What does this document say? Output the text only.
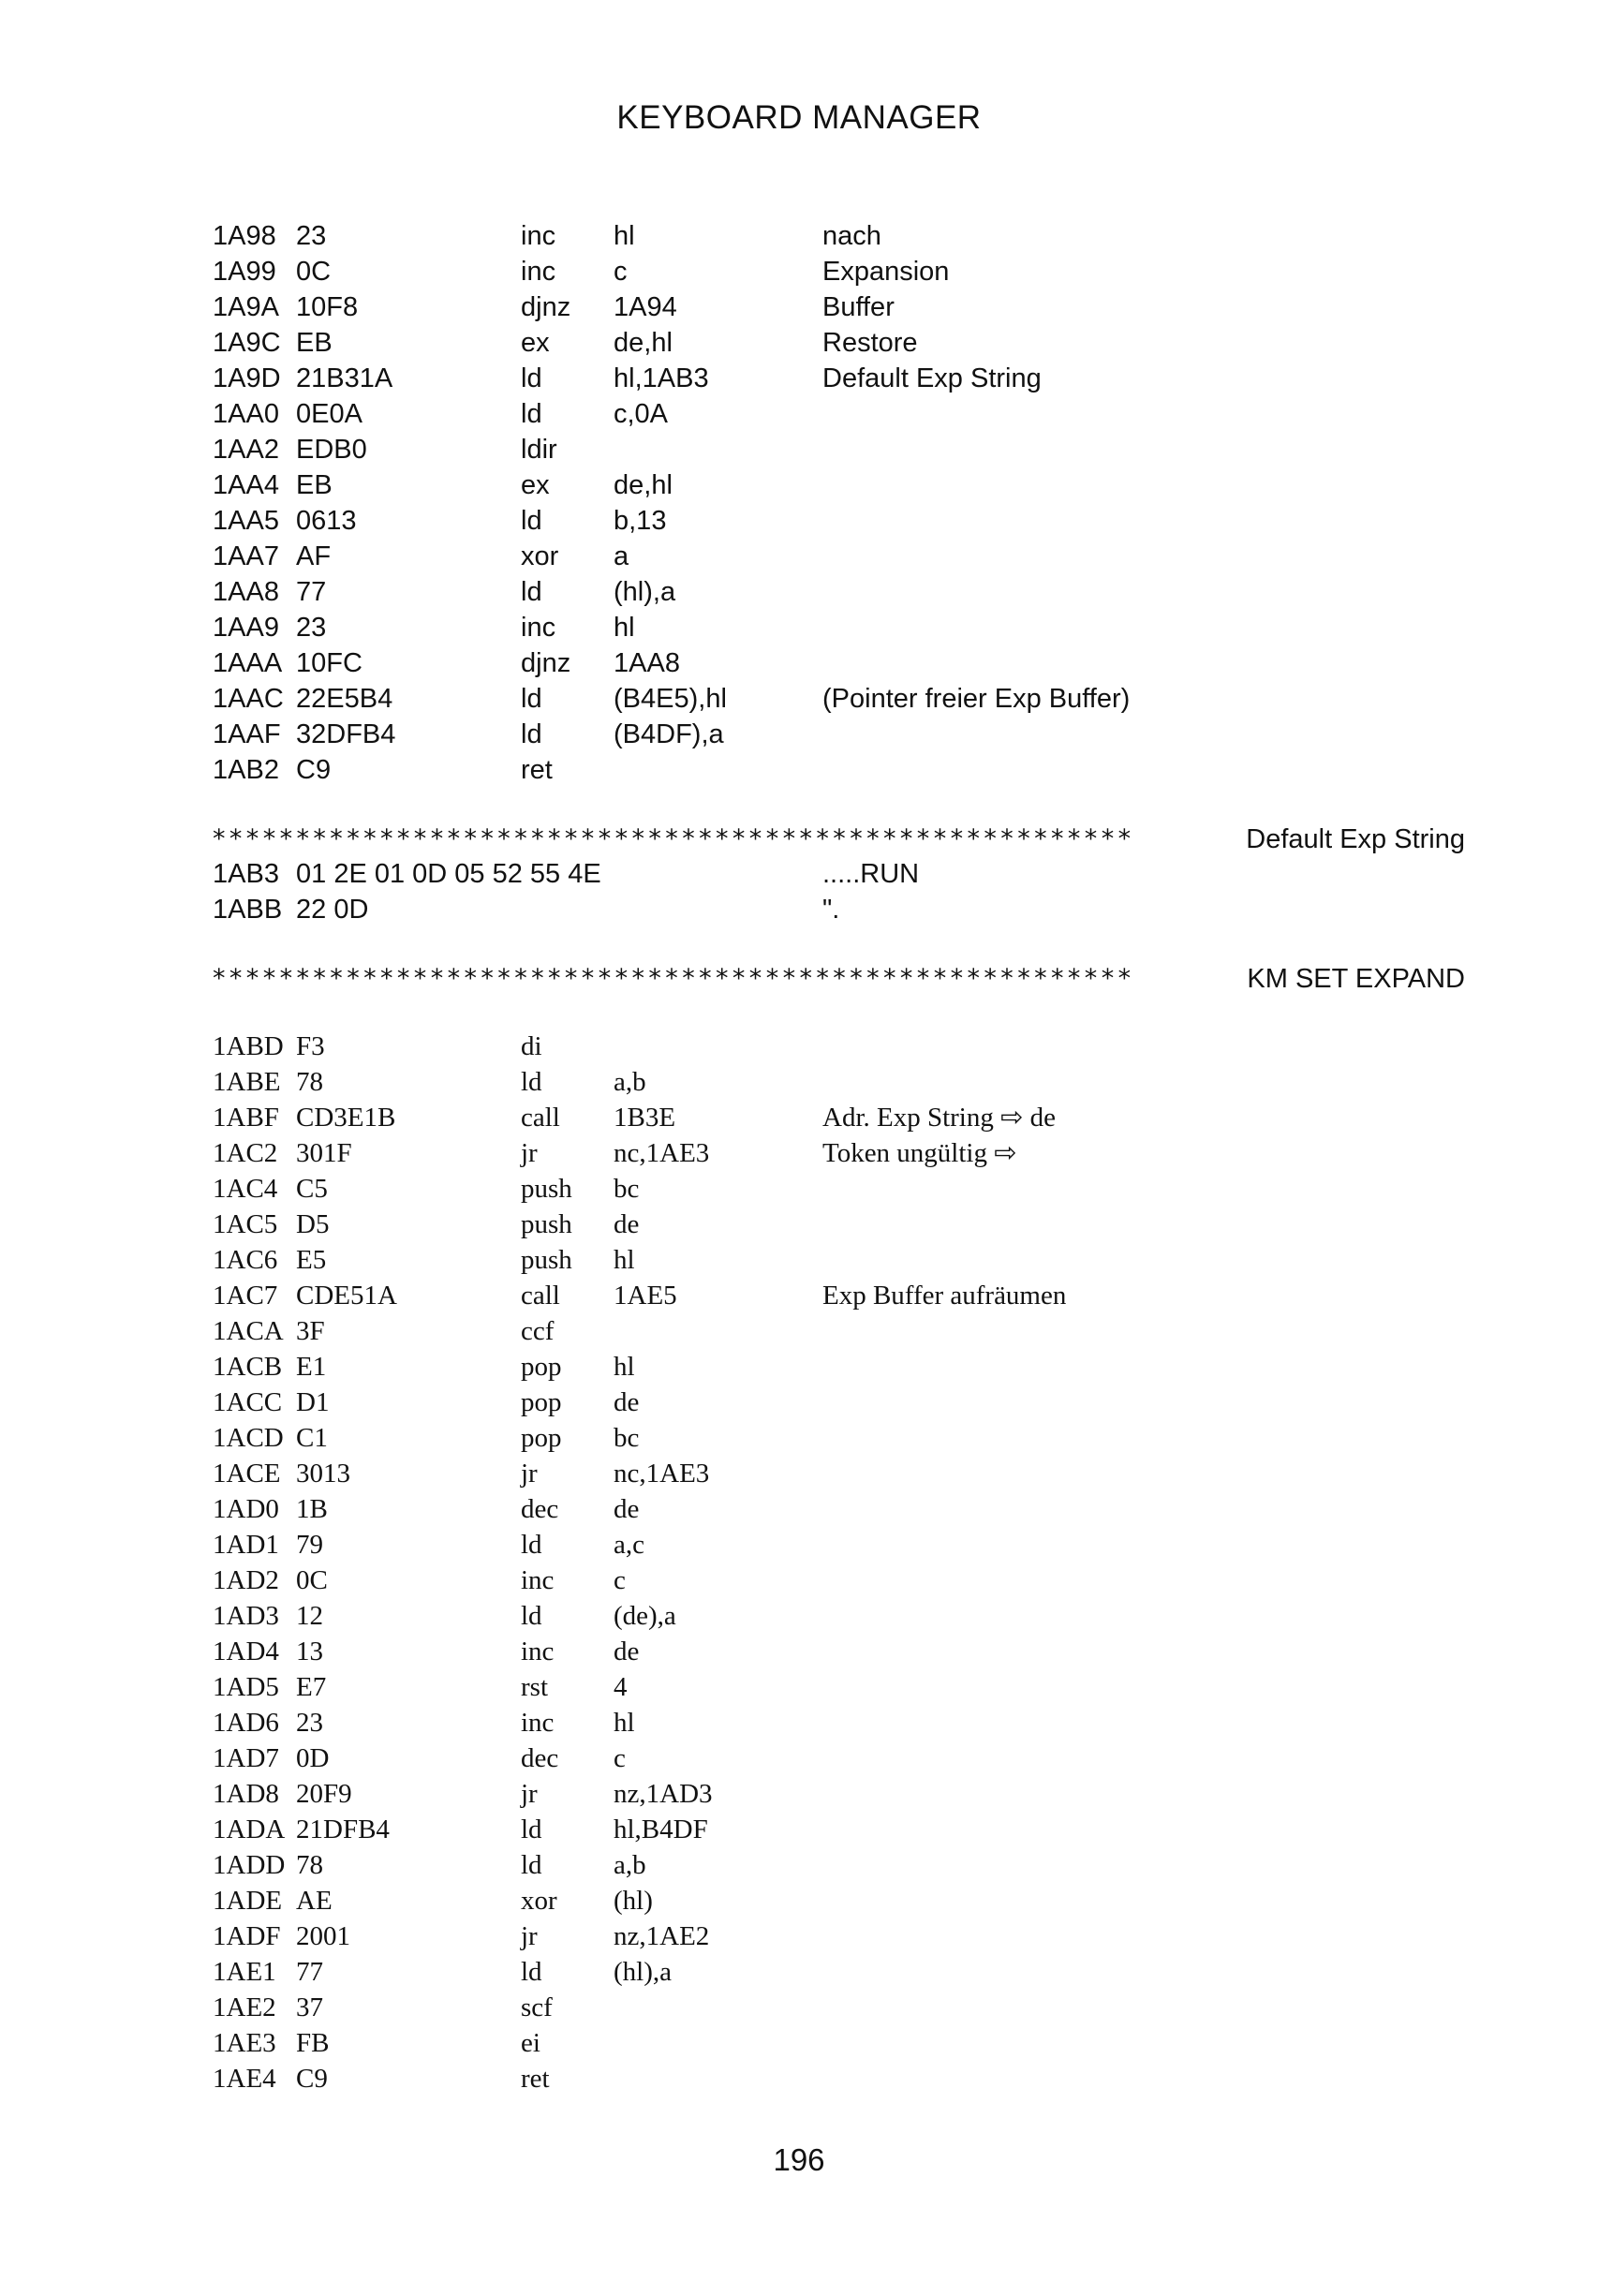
KEYBOARD MANAGER
1A98 23	inc hl	nach
1A99 0C	inc c	Expansion
1A9A 10F8	djnz 1A94	Buffer
1A9C EB	ex de,hl	Restore
1A9D 21B31A	ld	hl,1AB3	Default Exp String
1AA0 0E0A	ld	c,0A
1AA2 EDB0	ldir
1AA4 EB	ex de,hl
1AA5 0613	ld	b,13
1AA7 AF	xor a
1AA8 77	ld	(hl),a
1AA9 23	inc hl
1AAA 10FC	djnz 1AA8
1AAC 22E5B4	ld	(B4E5),hl	(Pointer freier Exp Buffer)
1AAF 32DFB4	ld	(B4DF),a
1AB2 C9	ret
*******************************************************	Default Exp String
1AB3 01 2E 01 0D 05 52 55 4E	.....RUN
1ABB 22 0D	".
*******************************************************	KM SET EXPAND
1ABD F3	di
1ABE 78	ld	a,b
1ABF CD3E1B	call 1B3E	Adr. Exp String ⇨ de
1AC2 301F	jr	nc,1AE3	Token ungültig ⇨
1AC4 C5	push bc
1AC5 D5	push de
1AC6 E5	push hl
1AC7 CDE51A	call 1AE5	Exp Buffer aufräumen
1ACA 3F	ccf
1ACB E1	pop hl
1ACC D1	pop de
1ACD C1	pop bc
1ACE 3013	jr	nc,1AE3
1AD0 1B	dec de
1AD1 79	ld	a,c
1AD2 0C	inc c
1AD3 12	ld	(de),a
1AD4 13	inc de
1AD5 E7	rst 4
1AD6 23	inc hl
1AD7 0D	dec c
1AD8 20F9	jr	nz,1AD3
1ADA 21DFB4	ld	hl,B4DF
1ADD 78	ld	a,b
1ADE AE	xor (hl)
1ADF 2001	jr	nz,1AE2
1AE1 77	ld	(hl),a
1AE2 37	scf
1AE3 FB	ei
1AE4 C9	ret
196
